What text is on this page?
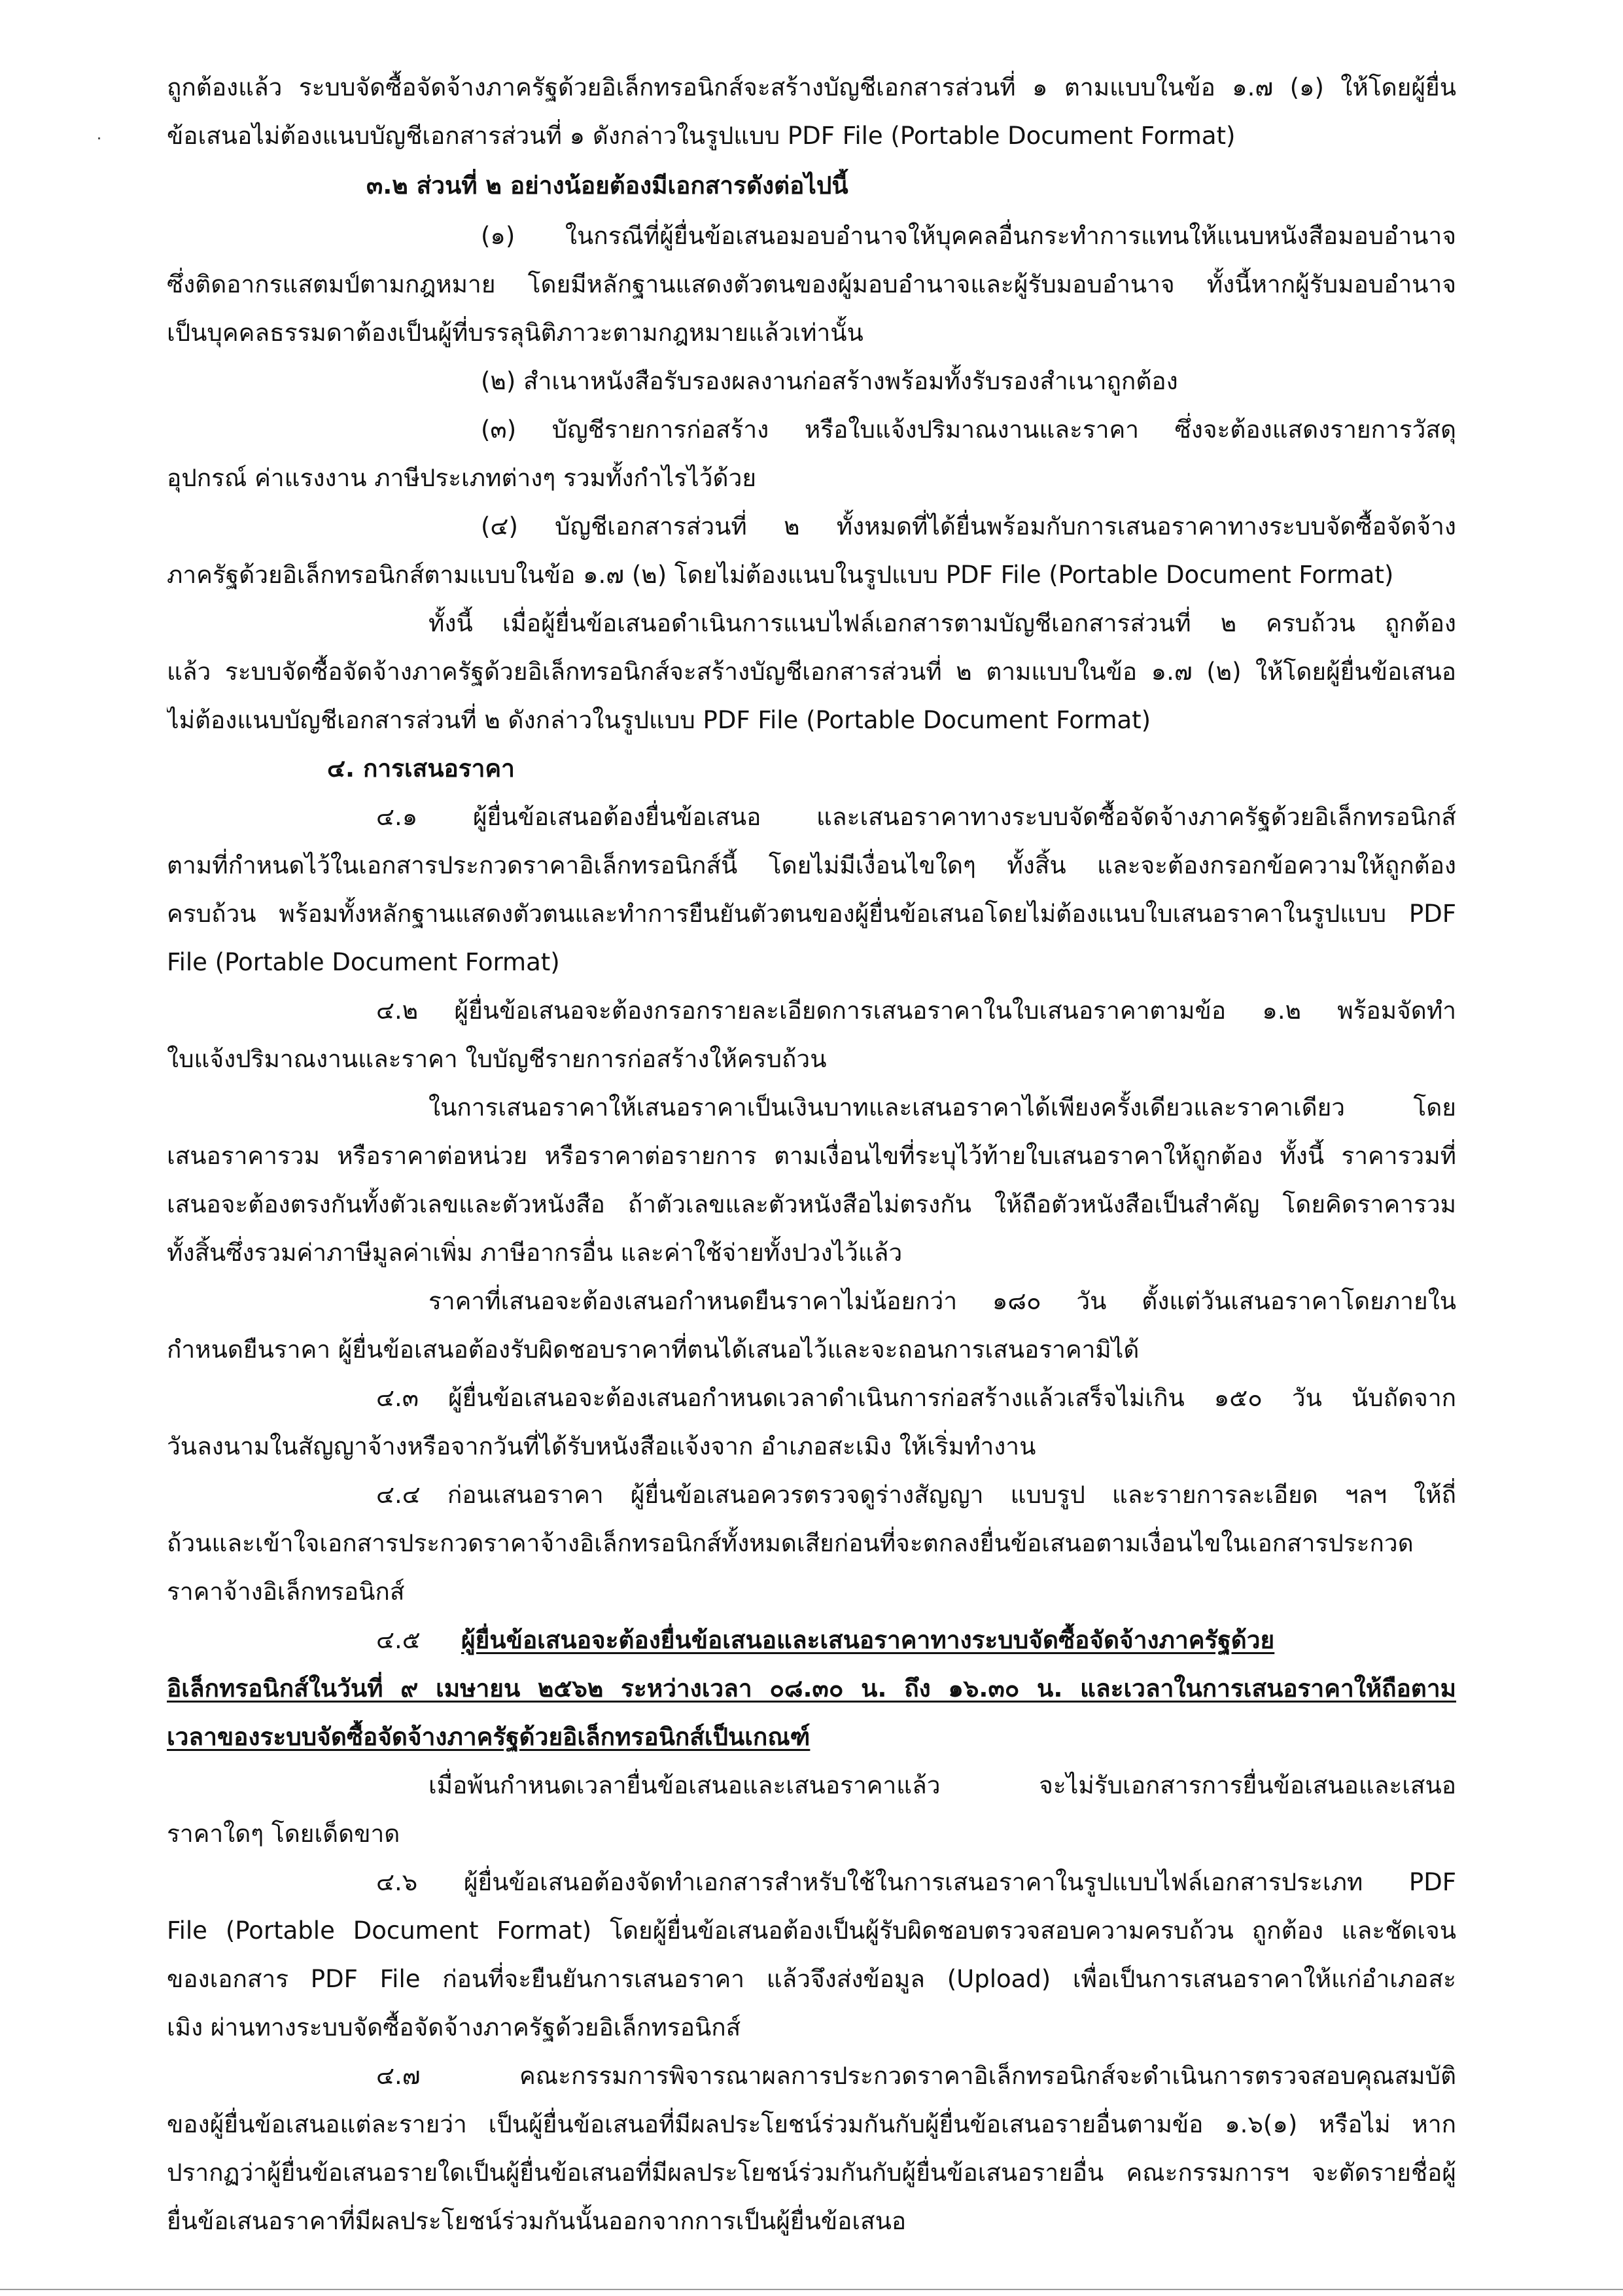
ถูกต้องแล้ว ระบบจัดซื้อจัดจ้างภาครัฐด้วยอิเล็กทรอนิกส์จะสร้างบัญชีเอกสารส่วนที่ ๑ ตามแบบในข้อ ๑.๗ (๑) ให้โดยผู้ยื่น
ข้อเสนอไม่ต้องแนบบัญชีเอกสารส่วนที่ ๑ ดังกล่าวในรูปแบบ PDF File (Portable Document Format)
๓.๒ ส่วนที่ ๒ อย่างน้อยต้องมีเอกสารดังต่อไปนี้
(๑) ในกรณีที่ผู้ยื่นข้อเสนอมอบอำนาจให้บุคคลอื่นกระทำการแทนให้แนบหนังสือมอบอำนาจ
ซึ่งติดอากรแสตมป์ตามกฎหมาย โดยมีหลักฐานแสดงตัวตนของผู้มอบอำนาจและผู้รับมอบอำนาจ ทั้งนี้หากผู้รับมอบอำนาจ
เป็นบุคคลธรรมดาต้องเป็นผู้ที่บรรลุนิติภาวะตามกฎหมายแล้วเท่านั้น
(๒) สำเนาหนังสือรับรองผลงานก่อสร้างพร้อมทั้งรับรองสำเนาถูกต้อง
(๓) บัญชีรายการก่อสร้าง หรือใบแจ้งปริมาณงานและราคา ซึ่งจะต้องแสดงรายการวัสดุ
อุปกรณ์ ค่าแรงงาน ภาษีประเภทต่างๆ รวมทั้งกำไรไว้ด้วย
(๔) บัญชีเอกสารส่วนที่ ๒ ทั้งหมดที่ได้ยื่นพร้อมกับการเสนอราคาทางระบบจัดซื้อจัดจ้าง
ภาครัฐด้วยอิเล็กทรอนิกส์ตามแบบในข้อ ๑.๗ (๒) โดยไม่ต้องแนบในรูปแบบ PDF File (Portable Document Format)
ทั้งนี้ เมื่อผู้ยื่นข้อเสนอดำเนินการแนบไฟล์เอกสารตามบัญชีเอกสารส่วนที่ ๒ ครบถ้วน ถูกต้อง
แล้ว ระบบจัดซื้อจัดจ้างภาครัฐด้วยอิเล็กทรอนิกส์จะสร้างบัญชีเอกสารส่วนที่ ๒ ตามแบบในข้อ ๑.๗ (๒) ให้โดยผู้ยื่นข้อเสนอ
ไม่ต้องแนบบัญชีเอกสารส่วนที่ ๒ ดังกล่าวในรูปแบบ PDF File (Portable Document Format)
๔. การเสนอราคา
๔.๑ ผู้ยื่นข้อเสนอต้องยื่นข้อเสนอ และเสนอราคาทางระบบจัดซื้อจัดจ้างภาครัฐด้วยอิเล็กทรอนิกส์
ตามที่กำหนดไว้ในเอกสารประกวดราคาอิเล็กทรอนิกส์นี้ โดยไม่มีเงื่อนไขใดๆ ทั้งสิ้น และจะต้องกรอกข้อความให้ถูกต้อง
ครบถ้วน พร้อมทั้งหลักฐานแสดงตัวตนและทำการยืนยันตัวตนของผู้ยื่นข้อเสนอโดยไม่ต้องแนบใบเสนอราคาในรูปแบบ PDF
File (Portable Document Format)
๔.๒ ผู้ยื่นข้อเสนอจะต้องกรอกรายละเอียดการเสนอราคาในใบเสนอราคาตามข้อ ๑.๒ พร้อมจัดทำ
ใบแจ้งปริมาณงานและราคา ใบบัญชีรายการก่อสร้างให้ครบถ้วน
ในการเสนอราคาให้เสนอราคาเป็นเงินบาทและเสนอราคาได้เพียงครั้งเดียวและราคาเดียว โดย
เสนอราคารวม หรือราคาต่อหน่วย หรือราคาต่อรายการ ตามเงื่อนไขที่ระบุไว้ท้ายใบเสนอราคาให้ถูกต้อง ทั้งนี้ ราคารวมที่
เสนอจะต้องตรงกันทั้งตัวเลขและตัวหนังสือ ถ้าตัวเลขและตัวหนังสือไม่ตรงกัน ให้ถือตัวหนังสือเป็นสำคัญ โดยคิดราคารวม
ทั้งสิ้นซึ่งรวมค่าภาษีมูลค่าเพิ่ม ภาษีอากรอื่น และค่าใช้จ่ายทั้งปวงไว้แล้ว
ราคาที่เสนอจะต้องเสนอกำหนดยืนราคาไม่น้อยกว่า ๑๘๐ วัน ตั้งแต่วันเสนอราคาโดยภายใน
กำหนดยืนราคา ผู้ยื่นข้อเสนอต้องรับผิดชอบราคาที่ตนได้เสนอไว้และจะถอนการเสนอราคามิได้
๔.๓ ผู้ยื่นข้อเสนอจะต้องเสนอกำหนดเวลาดำเนินการก่อสร้างแล้วเสร็จไม่เกิน ๑๕๐ วัน นับถัดจาก
วันลงนามในสัญญาจ้างหรือจากวันที่ได้รับหนังสือแจ้งจาก อำเภอสะเมิง ให้เริ่มทำงาน
๔.๔ ก่อนเสนอราคา ผู้ยื่นข้อเสนอควรตรวจดูร่างสัญญา แบบรูป และรายการละเอียด ฯลฯ ให้ถี่
ถ้วนและเข้าใจเอกสารประกวดราคาจ้างอิเล็กทรอนิกส์ทั้งหมดเสียก่อนที่จะตกลงยื่นข้อเสนอตามเงื่อนไขในเอกสารประกวด
ราคาจ้างอิเล็กทรอนิกส์
๔.๕	ผู้ยื่นข้อเสนอจะต้องยื่นข้อเสนอและเสนอราคาทางระบบจัดซื้อจัดจ้างภาครัฐด้วย
อิเล็กทรอนิกส์ในวันที่ ๙ เมษายน ๒๕๖๒ ระหว่างเวลา ๐๘.๓๐ น. ถึง ๑๖.๓๐ น. และเวลาในการเสนอราคาให้ถือตาม
เวลาของระบบจัดซื้อจัดจ้างภาครัฐด้วยอิเล็กทรอนิกส์เป็นเกณฑ์
เมื่อพ้นกำหนดเวลายื่นข้อเสนอและเสนอราคาแล้ว จะไม่รับเอกสารการยื่นข้อเสนอและเสนอ
ราคาใดๆ โดยเด็ดขาด
๔.๖ ผู้ยื่นข้อเสนอต้องจัดทำเอกสารสำหรับใช้ในการเสนอราคาในรูปแบบไฟล์เอกสารประเภท PDF
File (Portable Document Format) โดยผู้ยื่นข้อเสนอต้องเป็นผู้รับผิดชอบตรวจสอบความครบถ้วน ถูกต้อง และชัดเจน
ของเอกสาร PDF File ก่อนที่จะยืนยันการเสนอราคา แล้วจึงส่งข้อมูล (Upload) เพื่อเป็นการเสนอราคาให้แก่อำเภอสะ
เมิง ผ่านทางระบบจัดซื้อจัดจ้างภาครัฐด้วยอิเล็กทรอนิกส์
๔.๗ คณะกรรมการพิจารณาผลการประกวดราคาอิเล็กทรอนิกส์จะดำเนินการตรวจสอบคุณสมบัติ
ของผู้ยื่นข้อเสนอแต่ละรายว่า เป็นผู้ยื่นข้อเสนอที่มีผลประโยชน์ร่วมกันกับผู้ยื่นข้อเสนอรายอื่นตามข้อ ๑.๖(๑) หรือไม่ หาก
ปรากฏว่าผู้ยื่นข้อเสนอรายใดเป็นผู้ยื่นข้อเสนอที่มีผลประโยชน์ร่วมกันกับผู้ยื่นข้อเสนอรายอื่น คณะกรรมการฯ จะตัดรายชื่อผู้
ยื่นข้อเสนอราคาที่มีผลประโยชน์ร่วมกันนั้นออกจากการเป็นผู้ยื่นข้อเสนอ
